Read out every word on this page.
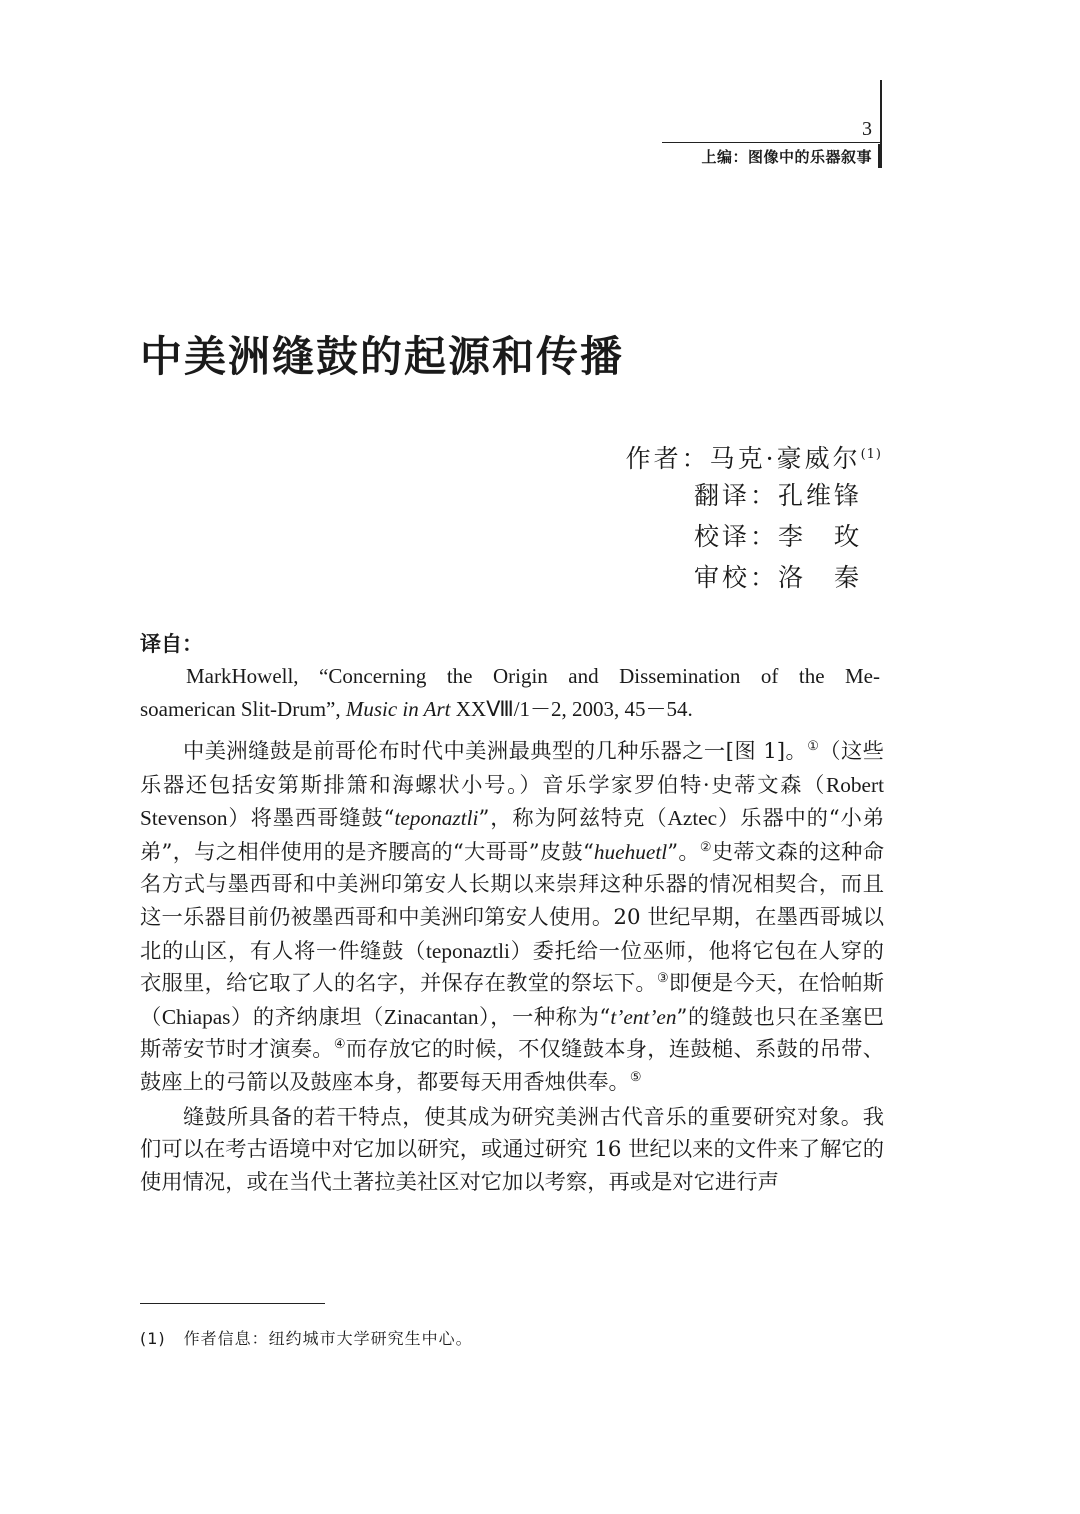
3
上编：图像中的乐器叙事
中美洲缝鼓的起源和传播
作者：马克·豪威尔$^{(1)}$
翻译：孔维锋
校译：李　玫
审校：洛　秦
译自：
MarkHowell, “Concerning the Origin and Dissemination of the Me-
soamerican Slit-Drum”, Music in Art XXⅧ/1－2, 2003, 45－54.

中美洲缝鼓是前哥伦布时代中美洲最典型的几种乐器之一[图 1]。①（这些乐器还包括安第斯排箫和海螺状小号。）音乐学家罗伯特·史蒂文森（Robert Stevenson）将墨西哥缝鼓“teponaztli”，称为阿兹特克（Aztec）乐器中的“小弟弟”，与之相伴使用的是齐腰高的“大哥哥”皮鼓“huehuetl”。②史蒂文森的这种命名方式与墨西哥和中美洲印第安人长期以来崇拜这种乐器的情况相契合，而且这一乐器目前仍被墨西哥和中美洲印第安人使用。20 世纪早期，在墨西哥城以北的山区，有人将一件缝鼓（teponaztli）委托给一位巫师，他将它包在人穿的衣服里，给它取了人的名字，并保存在教堂的祭坛下。③即便是今天，在恰帕斯（Chiapas）的齐纳康坦（Zinacantan），一种称为“t’ent’en”的缝鼓也只在圣塞巴斯蒂安节时才演奏。④而存放它的时候，不仅缝鼓本身，连鼓槌、系鼓的吊带、鼓座上的弓箭以及鼓座本身，都要每天用香烛供奉。⑤

缝鼓所具备的若干特点，使其成为研究美洲古代音乐的重要研究对象。我们可以在考古语境中对它加以研究，或通过研究 16 世纪以来的文件来了解它的使用情况，或在当代土著拉美社区对它加以考察，再或是对它进行声

(1) 作者信息：纽约城市大学研究生中心。
